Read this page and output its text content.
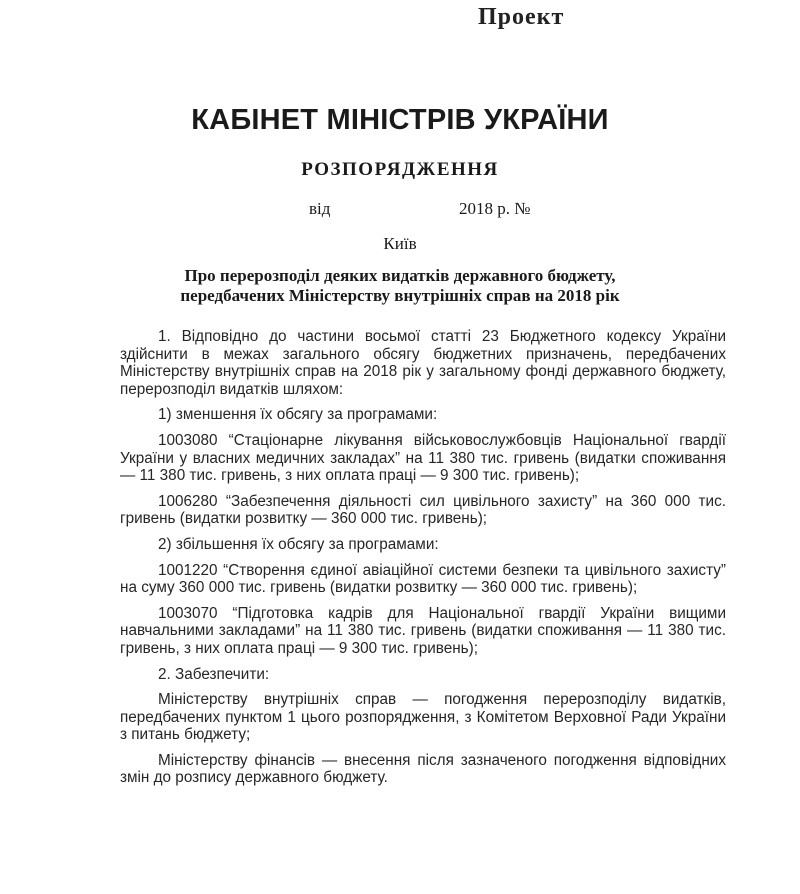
Проект
КАБІНЕТ МІНІСТРІВ УКРАЇНИ
РОЗПОРЯДЖЕННЯ
від	2018 р. №
Київ
Про перерозподіл деяких видатків державного бюджету,
передбачених Міністерству внутрішніх справ на 2018 рік

1. Відповідно до частини восьмої статті 23 Бюджетного кодексу України здійснити в межах загального обсягу бюджетних призначень, передбачених Міністерству внутрішніх справ на 2018 рік у загальному фонді державного бюджету, перерозподіл видатків шляхом:

1) зменшення їх обсягу за програмами:

1003080 “Стаціонарне лікування військовослужбовців Національної гвардії України у власних медичних закладах” на 11 380 тис. гривень (видатки споживання — 11 380 тис. гривень, з них оплата праці — 9 300 тис. гривень);

1006280 “Забезпечення діяльності сил цивільного захисту” на 360 000 тис. гривень (видатки розвитку — 360 000 тис. гривень);

2) збільшення їх обсягу за програмами:

1001220 “Створення єдиної авіаційної системи безпеки та цивільного захисту” на суму 360 000 тис. гривень (видатки розвитку — 360 000 тис. гривень);

1003070 “Підготовка кадрів для Національної гвардії України вищими навчальними закладами” на 11 380 тис. гривень (видатки споживання — 11 380 тис. гривень, з них оплата праці — 9 300 тис. гривень);

2. Забезпечити:

Міністерству внутрішніх справ — погодження перерозподілу видатків, передбачених пунктом 1 цього розпорядження, з Комітетом Верховної Ради України з питань бюджету;

Міністерству фінансів — внесення після зазначеного погодження відповідних змін до розпису державного бюджету.
